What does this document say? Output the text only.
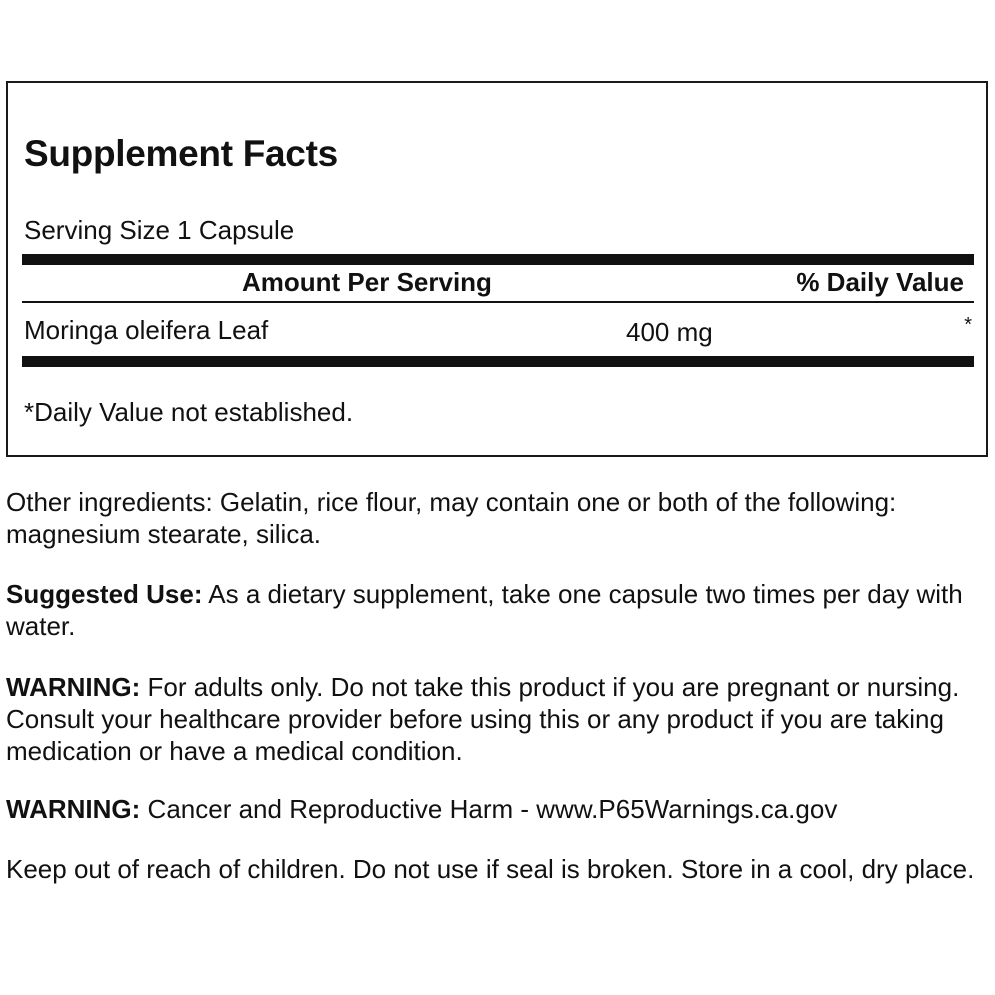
Supplement Facts
Serving Size 1 Capsule
Amount Per Serving	% Daily Value
Moringa oleifera Leaf	400 mg	*
*Daily Value not established.

Other ingredients: Gelatin, rice flour, may contain one or both of the following: magnesium stearate, silica.

Suggested Use: As a dietary supplement, take one capsule two times per day with water.

WARNING: For adults only. Do not take this product if you are pregnant or nursing. Consult your healthcare provider before using this or any product if you are taking medication or have a medical condition.

WARNING: Cancer and Reproductive Harm - www.P65Warnings.ca.gov

Keep out of reach of children. Do not use if seal is broken. Store in a cool, dry place.
